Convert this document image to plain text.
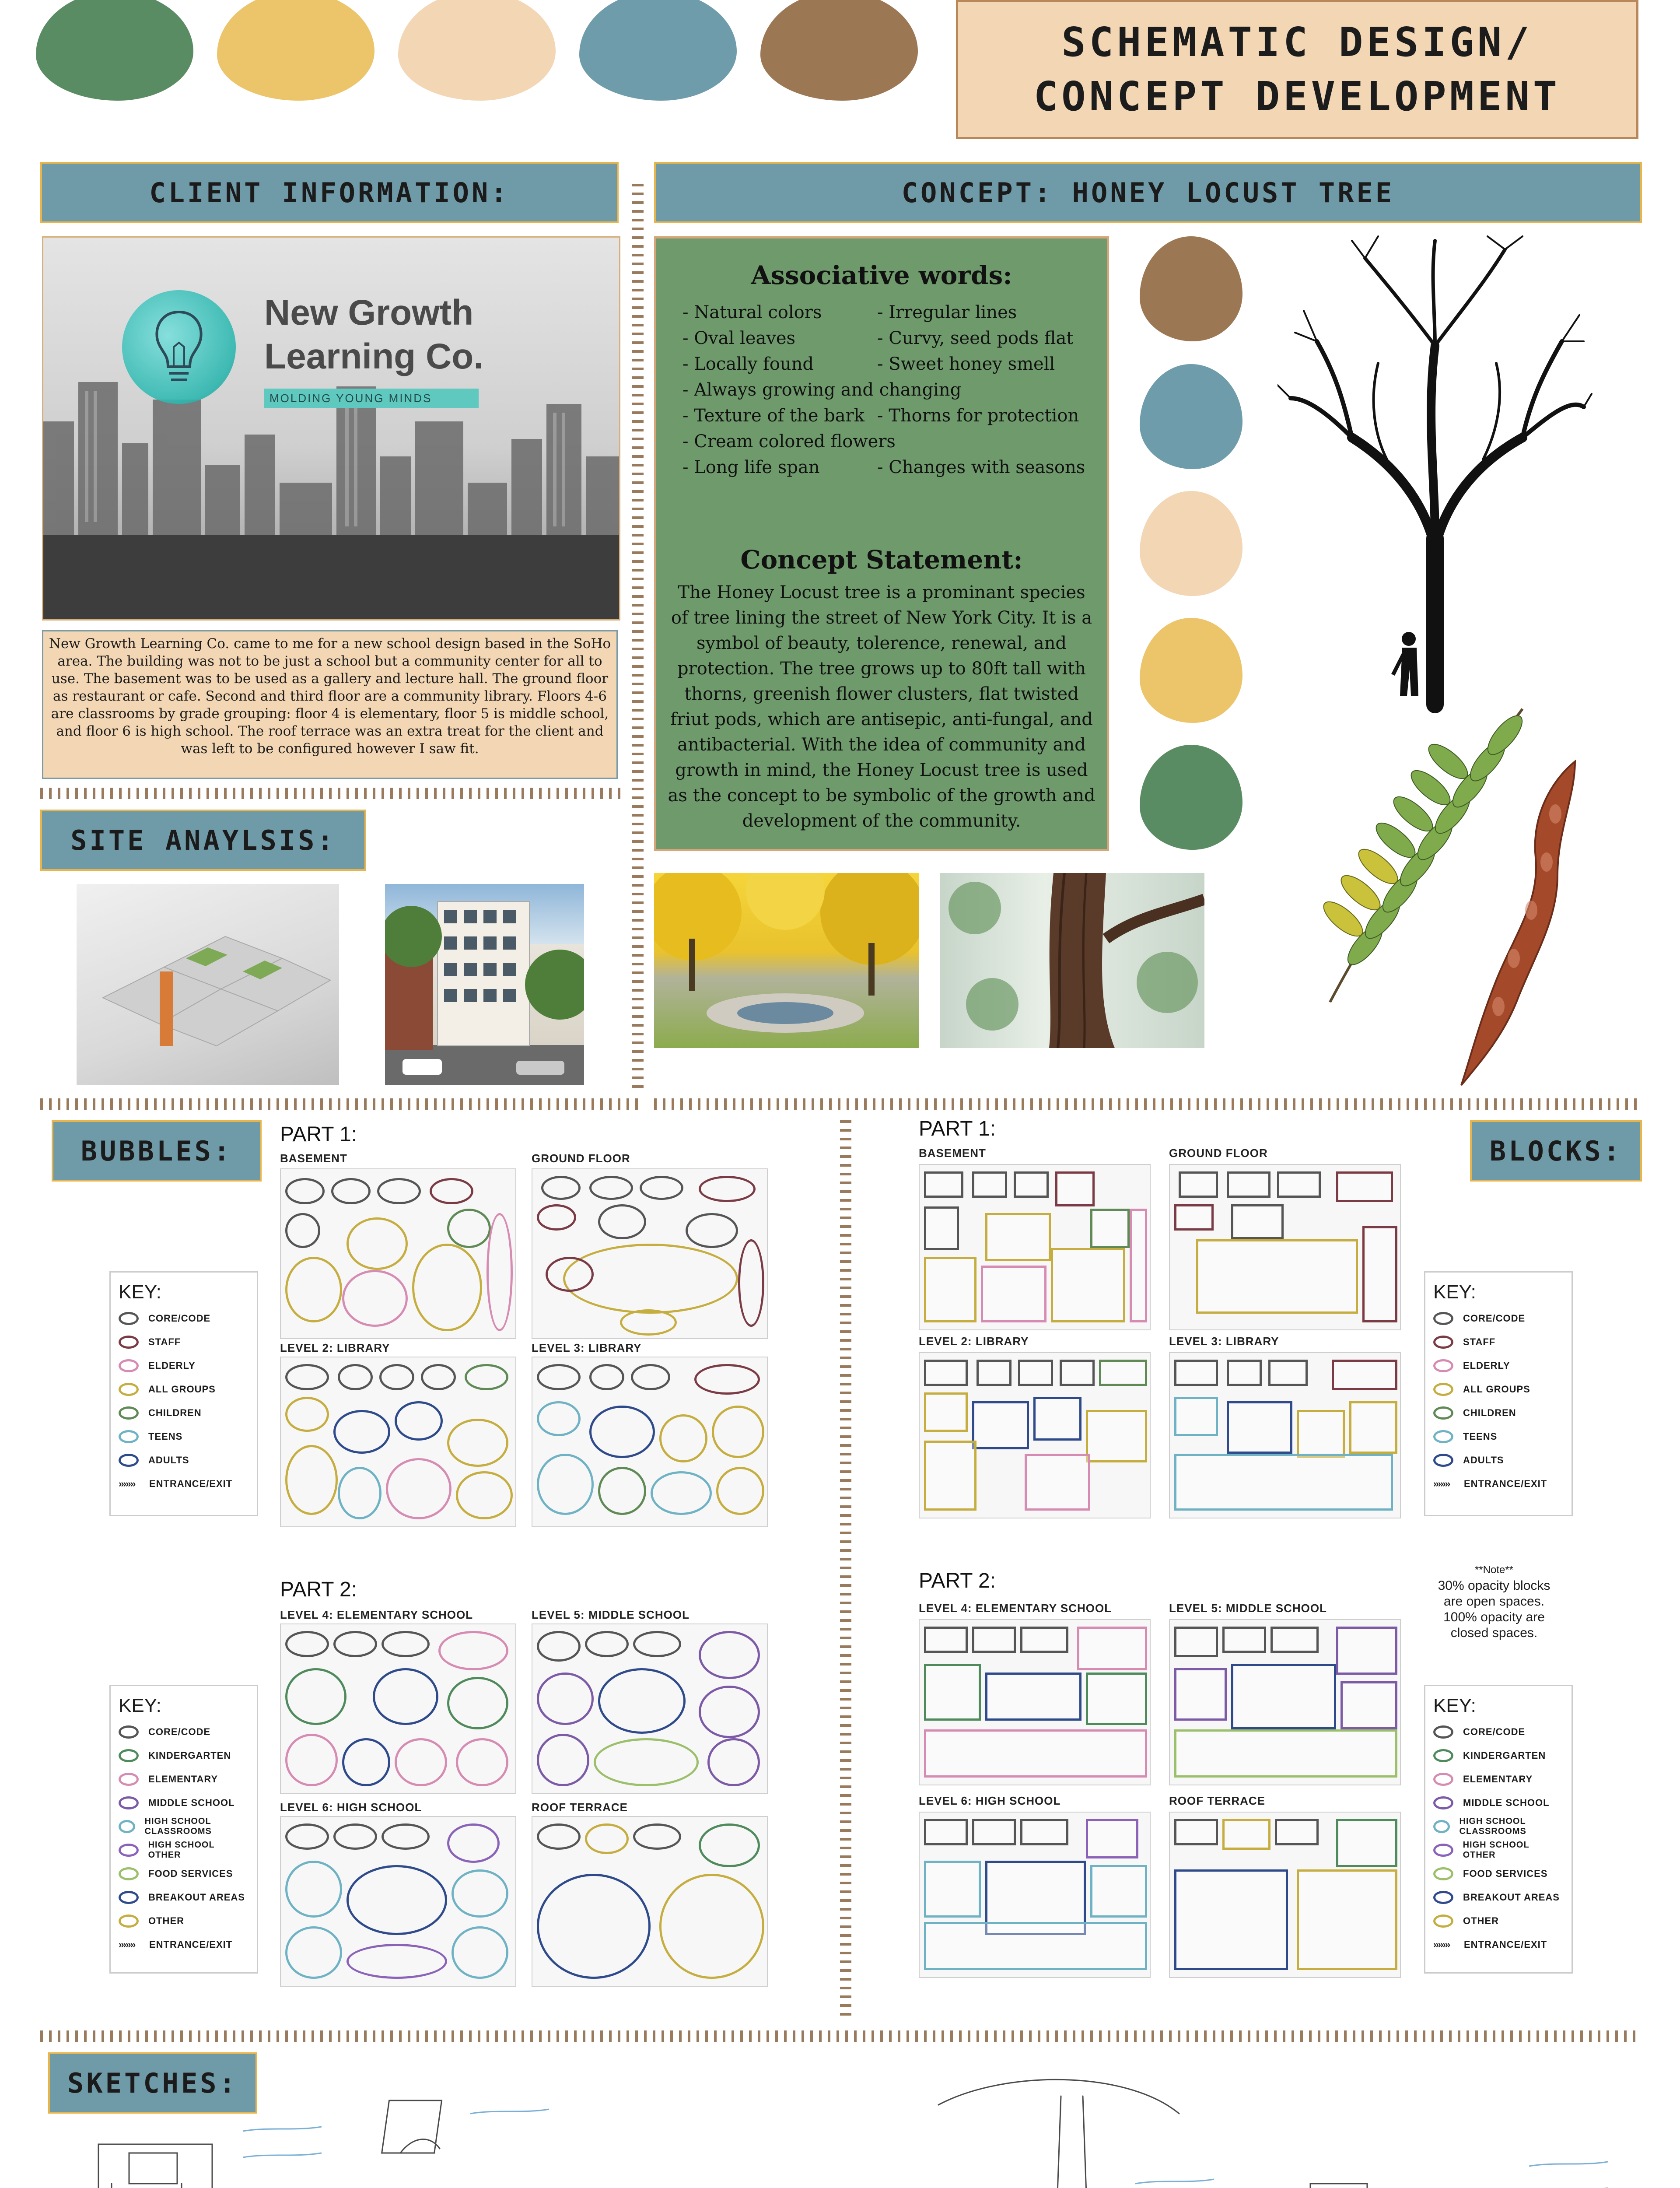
SCHEMATIC DESIGN/
CONCEPT DEVELOPMENT
CLIENT INFORMATION:
New Growth
Learning Co.
MOLDING YOUNG MINDS
New Growth Learning Co. came to me for a new school design based in the SoHo area. The building was not to be just a school but a community center for all to use. The basement was to be used as a gallery and lecture hall. The ground floor as restaurant or cafe. Second and third floor are a community library. Floors 4-6 are classrooms by grade grouping: floor 4 is elementary, floor 5 is middle school, and floor 6 is high school. The roof terrace was an extra treat for the client and was left to be configured however I saw fit.
CONCEPT: HONEY LOCUST TREE
Associative words:
- Natural colors
- Oval leaves
- Locally found
- Always growing and changing
- Texture of the bark
- Cream colored flowers
- Long life span
- Irregular lines
- Curvy, seed pods flat
- Sweet honey smell
- Thorns for protection
- Changes with seasons
Concept Statement:
The Honey Locust tree is a prominant species of tree lining the street of New York City. It is a symbol of beauty, tolerence, renewal, and protection. The tree grows up to 80ft tall with thorns, greenish flower clusters, flat twisted friut pods, which are antisepic, anti-fungal, and antibacterial. With the idea of community and growth in mind, the Honey Locust tree is used as the concept to be symbolic of the growth and development of the community.
SITE ANAYLSIS:
BUBBLES:
PART 1:
BASEMENT	GROUND FLOOR
LEVEL 2: LIBRARY	LEVEL 3: LIBRARY
KEY:
CORE/CODE
STAFF
ELDERLY
ALL GROUPS
CHILDREN
TEENS
ADULTS
›››››››	ENTRANCE/EXIT
PART 2:
LEVEL 4: ELEMENTARY SCHOOL	LEVEL 5: MIDDLE SCHOOL
LEVEL 6: HIGH SCHOOL	ROOF TERRACE
KEY:
CORE/CODE
KINDERGARTEN
ELEMENTARY
MIDDLE SCHOOL
HIGH SCHOOL CLASSROOMS
HIGH SCHOOL OTHER
FOOD SERVICES
BREAKOUT AREAS
OTHER
›››››››	ENTRANCE/EXIT
BLOCKS:
PART 1:
BASEMENT	GROUND FLOOR
LEVEL 2: LIBRARY	LEVEL 3: LIBRARY
KEY:
CORE/CODE
STAFF
ELDERLY
ALL GROUPS
CHILDREN
TEENS
ADULTS
›››››››	ENTRANCE/EXIT
PART 2:	**Note**
30% opacity blocks
are open spaces.
100% opacity are
closed spaces.
LEVEL 4: ELEMENTARY SCHOOL	LEVEL 5: MIDDLE SCHOOL
LEVEL 6: HIGH SCHOOL	ROOF TERRACE
KEY:
CORE/CODE
KINDERGARTEN
ELEMENTARY
MIDDLE SCHOOL
HIGH SCHOOL CLASSROOMS
HIGH SCHOOL OTHER
FOOD SERVICES
BREAKOUT AREAS
OTHER
›››››››	ENTRANCE/EXIT
SKETCHES:
